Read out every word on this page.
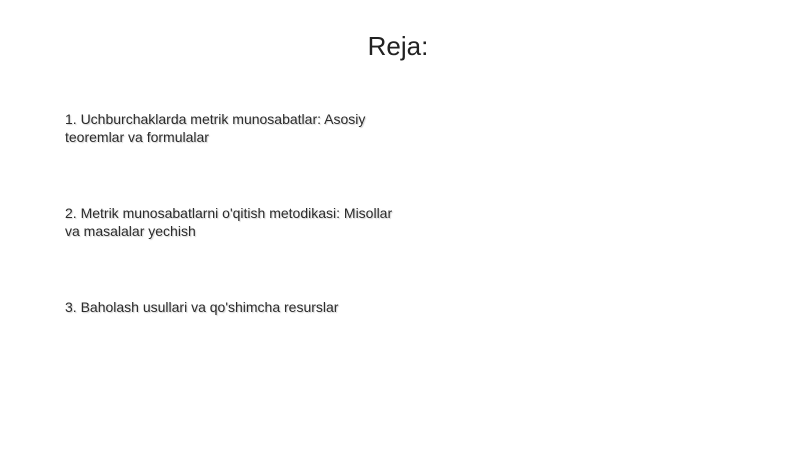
Reja:

1. Uchburchaklarda metrik munosabatlar: Asosiy teoremlar va formulalar

2. Metrik munosabatlarni o'qitish metodikasi: Misollar va masalalar yechish

3. Baholash usullari va qo'shimcha resurslar
